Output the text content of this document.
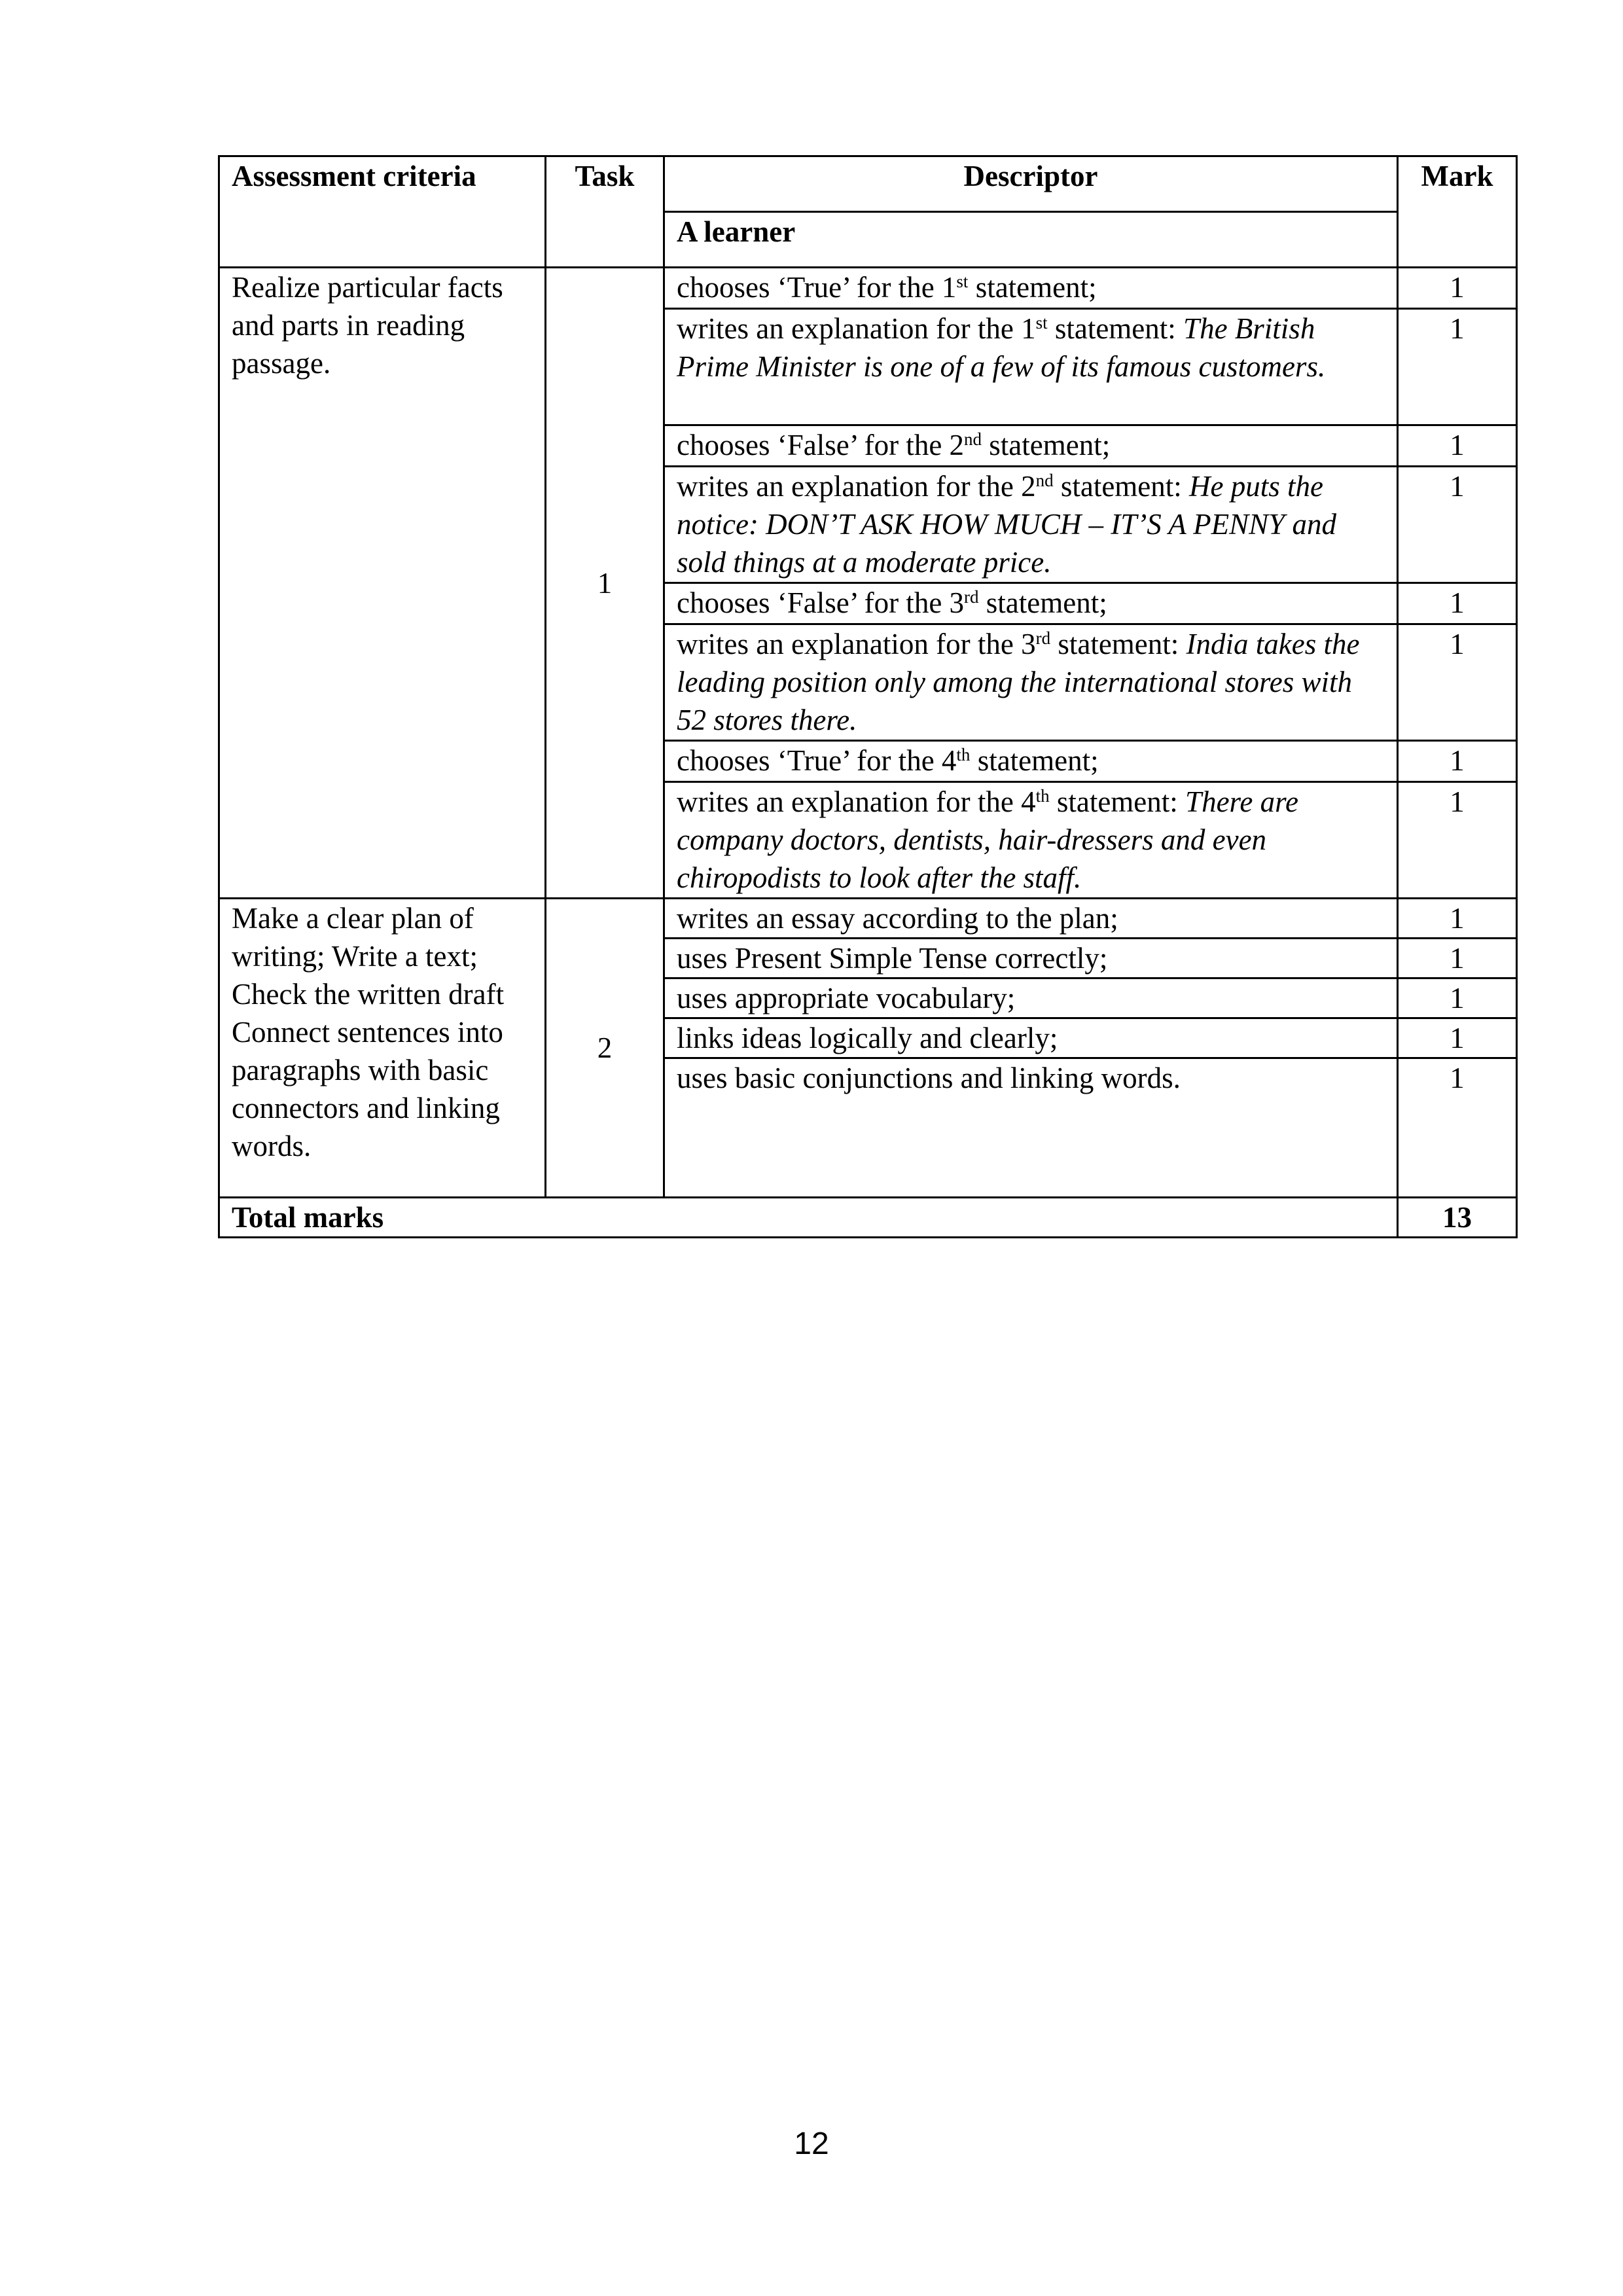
Assessment criteria	Task	Descriptor	Mark
		A learner	
Realize particular facts and parts in reading passage.	1	chooses ‘True’ for the 1st statement;	1
		writes an explanation for the 1st statement: The British Prime Minister is one of a few of its famous customers.	1
		chooses ‘False’ for the 2nd statement;	1
		writes an explanation for the 2nd statement: He puts the notice: DON’T ASK HOW MUCH – IT’S A PENNY and sold things at a moderate price.	1
		chooses ‘False’ for the 3rd statement;	1
		writes an explanation for the 3rd statement: India takes the leading position only among the international stores with 52 stores there.	1
		chooses ‘True’ for the 4th statement;	1
		writes an explanation for the 4th statement: There are company doctors, dentists, hair-dressers and even chiropodists to look after the staff.	1
Make a clear plan of writing; Write a text; Check the written draft Connect sentences into paragraphs with basic connectors and linking words.	2	writes an essay according to the plan;	1
		uses Present Simple Tense correctly;	1
		uses appropriate vocabulary;	1
		links ideas logically and clearly;	1
		uses basic conjunctions and linking words.	1
Total marks			13
12
